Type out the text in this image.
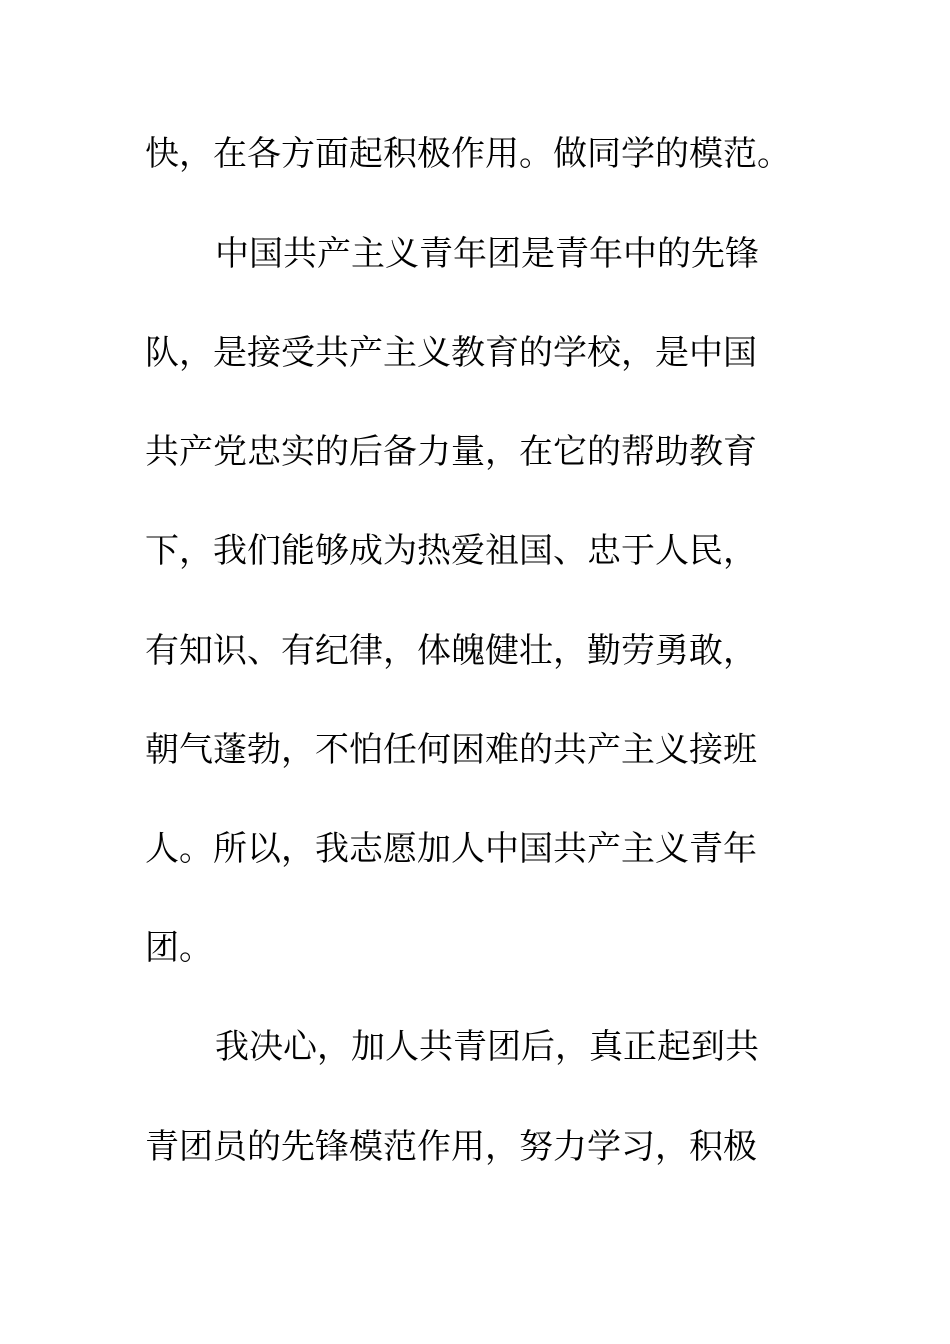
快，在各方面起积极作用。做同学的模范。
中国共产主义青年团是青年中的先锋
队，是接受共产主义教育的学校，是中国
共产党忠实的后备力量，在它的帮助教育
下，我们能够成为热爱祖国、忠于人民，
有知识、有纪律，体魄健壮，勤劳勇敢，
朝气蓬勃，不怕任何困难的共产主义接班
人。所以，我志愿加人中国共产主义青年
团。
我决心，加人共青团后，真正起到共
青团员的先锋模范作用，努力学习，积极
